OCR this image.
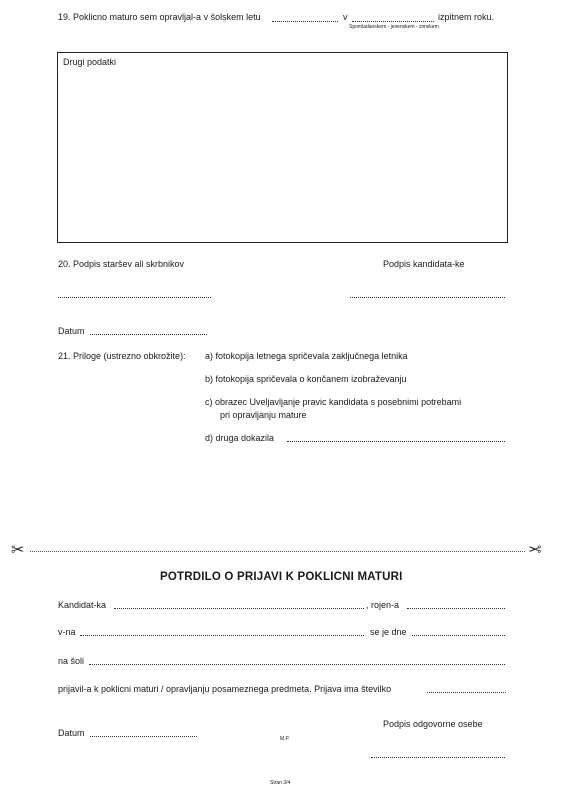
19. Poklicno maturo sem opravljal-a v šolskem letu	v	izpitnem roku.
Spomladanskem - jesenskem - zimskem
Drugi podatki
20. Podpis staršev ali skrbnikov	Podpis kandidata-ke
Datum
21. Priloge (ustrezno obkrožite): a) fotokopija letnega spričevala zaključnega letnika
b) fotokopija spričevala o končanem izobraževanju
c) obrazec Uveljavljanje pravic kandidata s posebnimi potrebami
pri opravljanju mature
d) druga dokazila
✂	✂
POTRDILO O PRIJAVI K POKLICNI MATURI
Kandidat-ka	, rojen-a
v-na	se je dne
na šoli
prijavil-a k poklicni maturi / opravljanju posameznega predmeta. Prijava ima številko
Podpis odgovorne osebe
Datum
M.P.
Stran 3/4
